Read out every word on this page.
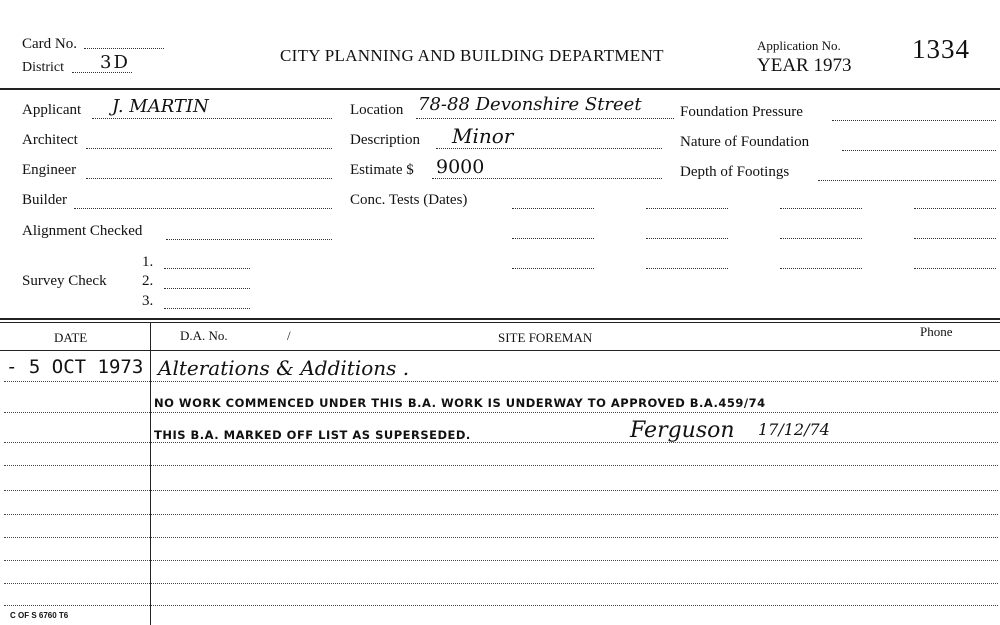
Card No.
District 3D	CITY PLANNING AND BUILDING DEPARTMENT
Application No.
YEAR 1973
1334
Applicant J. MARTIN
Architect
Engineer
Builder
Alignment Checked
Survey Check
1.
2.
3.
Location 78-88 Devonshire Street
Description Minor
Estimate $ 9000
Conc. Tests (Dates)
Foundation Pressure
Nature of Foundation
Depth of Footings
DATE	D.A. No.	/	SITE FOREMAN	Phone
- 5 OCT 1973 Alterations & Additions .
NO WORK COMMENCED UNDER THIS B.A. WORK IS UNDERWAY TO APPROVED B.A.459/74
THIS B.A. MARKED OFF LIST AS SUPERSEDED.	Ferguson 17/12/74
C OF S 6760 T6
